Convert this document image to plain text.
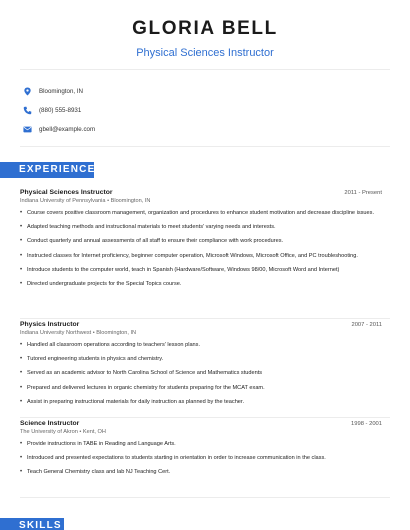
GLORIA BELL
Physical Sciences Instructor
Bloomington, IN
(880) 555-8931
gbell@example.com
EXPERIENCE
Physical Sciences Instructor	2011 - Present
Indiana University of Pennsylvania • Bloomington, IN
• Course covers positive classroom management, organization and procedures to enhance student motivation and decrease discipline issues.
• Adapted teaching methods and instructional materials to meet students' varying needs and interests.
• Conduct quarterly and annual assessments of all staff to ensure their compliance with work procedures.
• Instructed classes for Internet proficiency, beginner computer operation, Microsoft Windows, Microsoft Office, and PC troubleshooting.
• Introduce students to the computer world, teach in Spanish (Hardware/Software, Windows 98/00, Microsoft Word and Internet)
• Directed undergraduate projects for the Special Topics course.
Physics Instructor	2007 - 2011
Indiana University Northwest • Bloomington, IN
• Handled all classroom operations according to teachers' lesson plans.
• Tutored engineering students in physics and chemistry.
• Served as an academic advisor to North Carolina School of Science and Mathematics students
• Prepared and delivered lectures in organic chemistry for students preparing for the MCAT exam.
• Assist in preparing instructional materials for daily instruction as planned by the teacher.
Science Instructor	1998 - 2001
The University of Akron • Kent, OH
• Provide instructions in TABE in Reading and Language Arts.
• Introduced and presented expectations to students starting in orientation in order to increase communication in the class.
• Teach General Chemistry class and lab NJ Teaching Cert.
SKILLS
